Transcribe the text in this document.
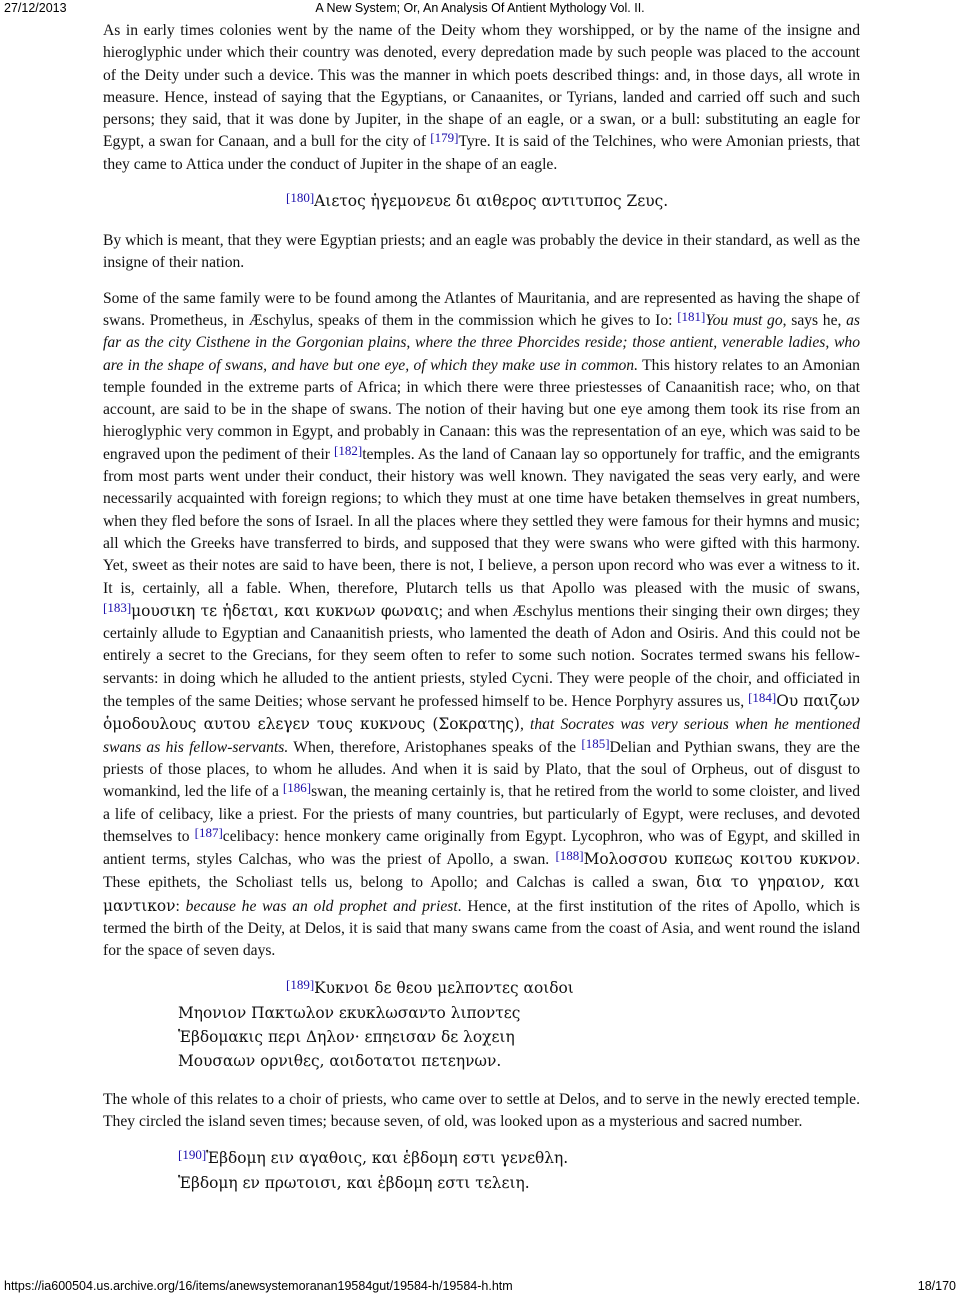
27/12/2013	A New System; Or, An Analysis Of Antient Mythology Vol. II.

As in early times colonies went by the name of the Deity whom they worshipped, or by the name of the insigne and hieroglyphic under which their country was denoted, every depredation made by such people was placed to the account of the Deity under such a device. This was the manner in which poets described things: and, in those days, all wrote in measure. Hence, instead of saying that the Egyptians, or Canaanites, or Tyrians, landed and carried off such and such persons; they said, that it was done by Jupiter, in the shape of an eagle, or a swan, or a bull: substituting an eagle for Egypt, a swan for Canaan, and a bull for the city of [179]Tyre. It is said of the Telchines, who were Amonian priests, that they came to Attica under the conduct of Jupiter in the shape of an eagle.

[180]Αιετος ἡγεμονευε δι αιθερος αντιτυπος Ζευς.

By which is meant, that they were Egyptian priests; and an eagle was probably the device in their standard, as well as the insigne of their nation.

Some of the same family were to be found among the Atlantes of Mauritania, and are represented as having the shape of swans. Prometheus, in Æschylus, speaks of them in the commission which he gives to Io: [181]You must go, says he, as far as the city Cisthene in the Gorgonian plains, where the three Phorcides reside; those antient, venerable ladies, who are in the shape of swans, and have but one eye, of which they make use in common. This history relates to an Amonian temple founded in the extreme parts of Africa; in which there were three priestesses of Canaanitish race; who, on that account, are said to be in the shape of swans. The notion of their having but one eye among them took its rise from an hieroglyphic very common in Egypt, and probably in Canaan: this was the representation of an eye, which was said to be engraved upon the pediment of their [182]temples. As the land of Canaan lay so opportunely for traffic, and the emigrants from most parts went under their conduct, their history was well known. They navigated the seas very early, and were necessarily acquainted with foreign regions; to which they must at one time have betaken themselves in great numbers, when they fled before the sons of Israel. In all the places where they settled they were famous for their hymns and music; all which the Greeks have transferred to birds, and supposed that they were swans who were gifted with this harmony. Yet, sweet as their notes are said to have been, there is not, I believe, a person upon record who was ever a witness to it. It is, certainly, all a fable. When, therefore, Plutarch tells us that Apollo was pleased with the music of swans, [183]μουσικη τε ἡδεται, και κυκνων φωναις; and when Æschylus mentions their singing their own dirges; they certainly allude to Egyptian and Canaanitish priests, who lamented the death of Adon and Osiris. And this could not be entirely a secret to the Grecians, for they seem often to refer to some such notion. Socrates termed swans his fellow-servants: in doing which he alluded to the antient priests, styled Cycni. They were people of the choir, and officiated in the temples of the same Deities; whose servant he professed himself to be. Hence Porphyry assures us, [184]Ου παιζων ὁμοδουλους αυτου ελεγεν τους κυκνους (Σοκρατης), that Socrates was very serious when he mentioned swans as his fellow-servants. When, therefore, Aristophanes speaks of the [185]Delian and Pythian swans, they are the priests of those places, to whom he alludes. And when it is said by Plato, that the soul of Orpheus, out of disgust to womankind, led the life of a [186]swan, the meaning certainly is, that he retired from the world to some cloister, and lived a life of celibacy, like a priest. For the priests of many countries, but particularly of Egypt, were recluses, and devoted themselves to [187]celibacy: hence monkery came originally from Egypt. Lycophron, who was of Egypt, and skilled in antient terms, styles Calchas, who was the priest of Apollo, a swan. [188]Μολοσσου κυπεως κοιτου κυκνον. These epithets, the Scholiast tells us, belong to Apollo; and Calchas is called a swan, δια το γηραιον, και μαντικον: because he was an old prophet and priest. Hence, at the first institution of the rites of Apollo, which is termed the birth of the Deity, at Delos, it is said that many swans came from the coast of Asia, and went round the island for the space of seven days.

[189]Κυκνοι δε θεου μελποντες αοιδοι
Μηονιον Πακτωλον εκυκλωσαντο λιποντες
Ἑβδομακις περι Δηλον· επηεισαν δε λοχειη
Μουσαων ορνιθες, αοιδοτατοι πετεηνων.

The whole of this relates to a choir of priests, who came over to settle at Delos, and to serve in the newly erected temple. They circled the island seven times; because seven, of old, was looked upon as a mysterious and sacred number.

[190]Ἑβδομη ειν αγαθοις, και ἑβδομη εστι γενεθλη.
Ἑβδομη εν πρωτοισι, και ἑβδομη εστι τελειη.
https://ia600504.us.archive.org/16/items/anewsystemoranan19584gut/19584-h/19584-h.htm	18/170
